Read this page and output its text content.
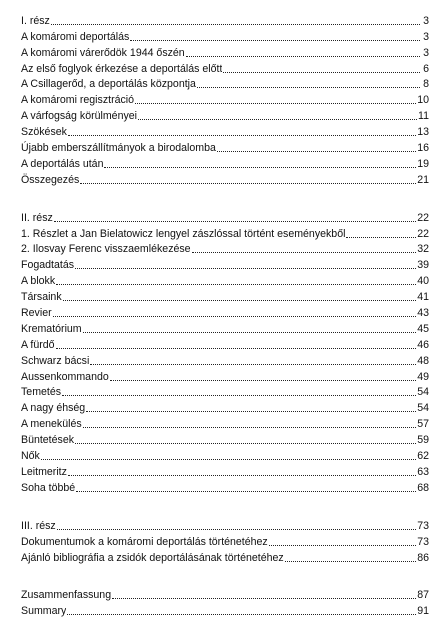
I. rész	3
A komáromi deportálás	3
A komáromi várerődök 1944 őszén	3
Az első foglyok érkezése a deportálás előtt	6
A Csillagerőd, a deportálás központja	8
A komáromi regisztráció	10
A várfogság körülményei	11
Szökések	13
Újabb emberszállítmányok a birodalomba	16
A deportálás után	19
Összegezés	21
II. rész	22
1. Részlet a Jan Bielatowicz lengyel zászlóssal történt eseményekből	22
2. Ilosvay Ferenc visszaemlékezése	32
Fogadtatás	39
A blokk	40
Társaink	41
Revier	43
Krematórium	45
A fürdő	46
Schwarz bácsi	48
Aussenkommando	49
Temetés	54
A nagy éhség	54
A menekülés	57
Büntetések	59
Nők	62
Leitmeritz	63
Soha többé	68
III. rész	73
Dokumentumok a komáromi deportálás történetéhez	73
Ajánló bibliográfia a zsidók deportálásának történetéhez	86
Zusammenfassung	87
Summary	91
